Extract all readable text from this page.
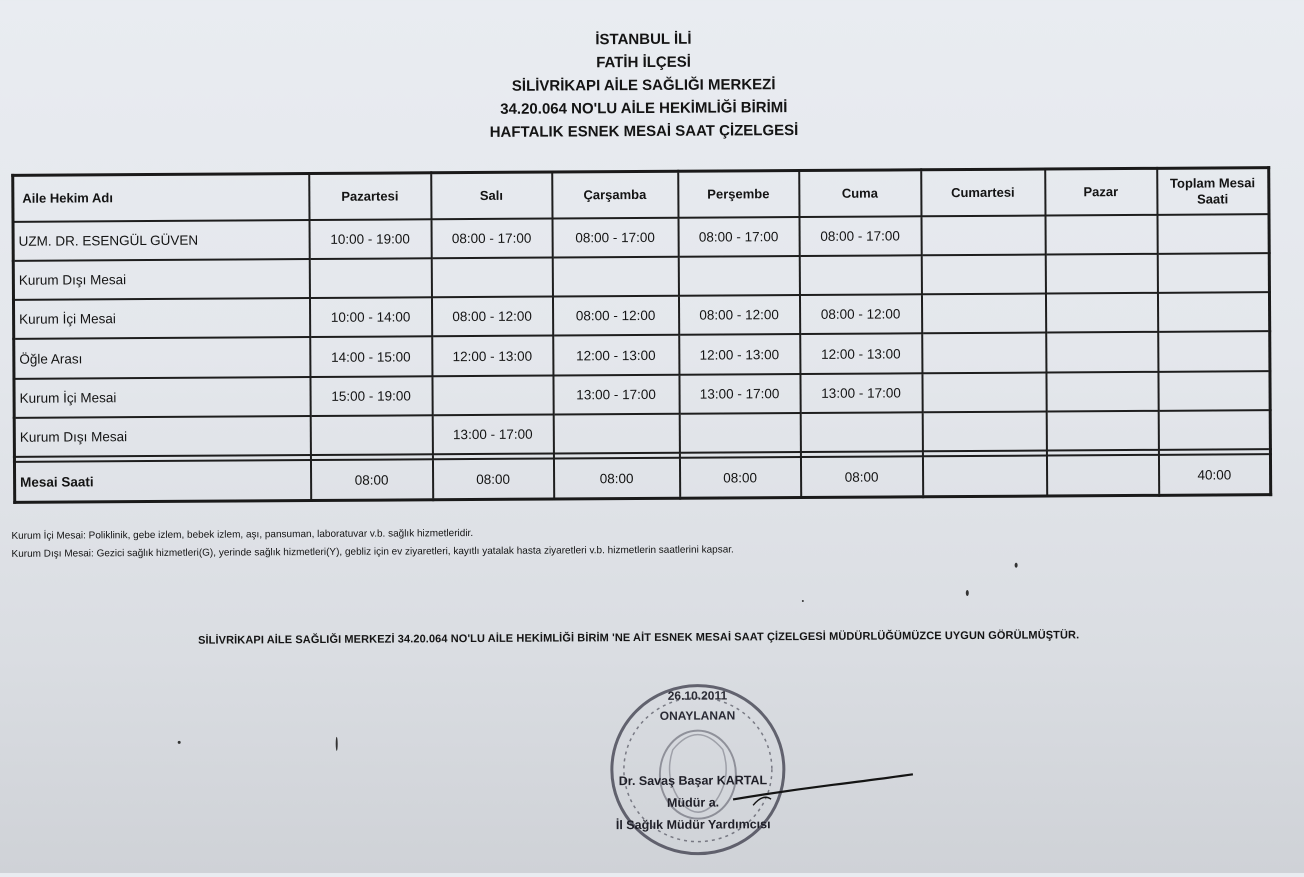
İSTANBUL İLİ
FATİH İLÇESİ
SİLİVRİKAPI AİLE SAĞLIĞI MERKEZİ
34.20.064 NO'LU AİLE HEKİMLİĞİ BİRİMİ
HAFTALIK ESNEK MESAİ SAAT ÇİZELGESİ
Aile Hekim Adı	Pazartesi	Salı	Çarşamba	Perşembe	Cuma	Cumartesi	Pazar	Toplam Mesai Saati
UZM. DR. ESENGÜL GÜVEN	10:00 - 19:00	08:00 - 17:00	08:00 - 17:00	08:00 - 17:00	08:00 - 17:00			
Kurum Dışı Mesai								
Kurum İçi Mesai	10:00 - 14:00	08:00 - 12:00	08:00 - 12:00	08:00 - 12:00	08:00 - 12:00			
Öğle Arası	14:00 - 15:00	12:00 - 13:00	12:00 - 13:00	12:00 - 13:00	12:00 - 13:00			
Kurum İçi Mesai	15:00 - 19:00		13:00 - 17:00	13:00 - 17:00	13:00 - 17:00			
Kurum Dışı Mesai		13:00 - 17:00						

Mesai Saati	08:00	08:00	08:00	08:00	08:00			40:00
Kurum İçi Mesai: Poliklinik, gebe izlem, bebek izlem, aşı, pansuman, laboratuvar v.b. sağlık hizmetleridir.
Kurum Dışı Mesai: Gezici sağlık hizmetleri(G), yerinde sağlık hizmetleri(Y), gebliz için ev ziyaretleri, kayıtlı yatalak hasta ziyaretleri v.b. hizmetlerin saatlerini kapsar.
SİLİVRİKAPI AİLE SAĞLIĞI MERKEZİ 34.20.064 NO'LU AİLE HEKİMLİĞİ BİRİM 'NE AİT ESNEK MESAİ SAAT ÇİZELGESİ MÜDÜRLÜĞÜMÜZCE UYGUN GÖRÜLMÜŞTÜR.
26.10.2011
ONAYLANAN
Dr. Savaş Başar KARTAL
Müdür a.
İl Sağlık Müdür Yardımcısı
